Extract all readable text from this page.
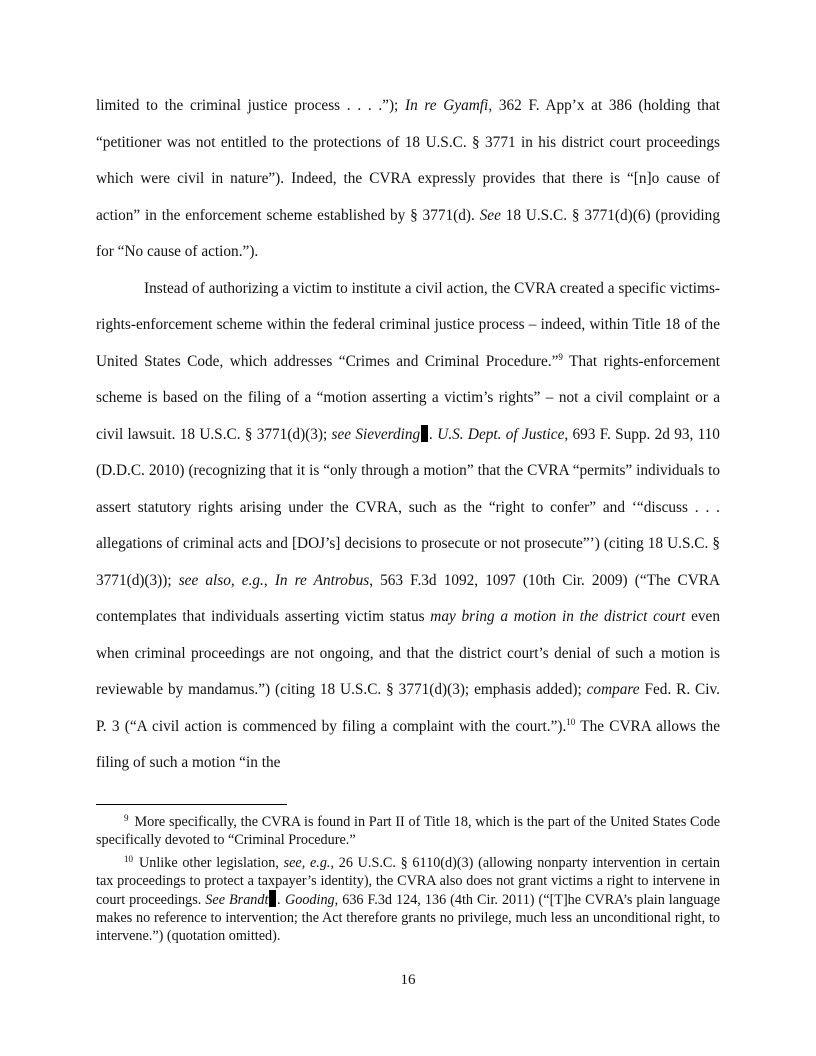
limited to the criminal justice process . . . .”); In re Gyamfi, 362 F. App’x at 386 (holding that “petitioner was not entitled to the protections of 18 U.S.C. § 3771 in his district court proceedings which were civil in nature”). Indeed, the CVRA expressly provides that there is “[n]o cause of action” in the enforcement scheme established by § 3771(d). See 18 U.S.C. § 3771(d)(6) (providing for “No cause of action.”).

Instead of authorizing a victim to institute a civil action, the CVRA created a specific victims-rights-enforcement scheme within the federal criminal justice process – indeed, within Title 18 of the United States Code, which addresses “Crimes and Criminal Procedure.”$^9$ That rights-enforcement scheme is based on the filing of a “motion asserting a victim’s rights” – not a civil complaint or a civil lawsuit. 18 U.S.C. § 3771(d)(3); see Sieverding . U.S. Dept. of Justice, 693 F. Supp. 2d 93, 110 (D.D.C. 2010) (recognizing that it is “only through a motion” that the CVRA “permits” individuals to assert statutory rights arising under the CVRA, such as the “right to confer” and ‘“discuss . . . allegations of criminal acts and [DOJ’s] decisions to prosecute or not prosecute”’) (citing 18 U.S.C. § 3771(d)(3)); see also, e.g., In re Antrobus, 563 F.3d 1092, 1097 (10th Cir. 2009) (“The CVRA contemplates that individuals asserting victim status may bring a motion in the district court even when criminal proceedings are not ongoing, and that the district court’s denial of such a motion is reviewable by mandamus.”) (citing 18 U.S.C. § 3771(d)(3); emphasis added); compare Fed. R. Civ. P. 3 (“A civil action is commenced by filing a complaint with the court.”).$^{10}$ The CVRA allows the filing of such a motion “in the

$^9$ More specifically, the CVRA is found in Part II of Title 18, which is the part of the United States Code specifically devoted to “Criminal Procedure.”

$^{10}$ Unlike other legislation, see, e.g., 26 U.S.C. § 6110(d)(3) (allowing nonparty intervention in certain tax proceedings to protect a taxpayer’s identity), the CVRA also does not grant victims a right to intervene in court proceedings. See Brandt . Gooding, 636 F.3d 124, 136 (4th Cir. 2011) (“[T]he CVRA’s plain language makes no reference to intervention; the Act therefore grants no privilege, much less an unconditional right, to intervene.”) (quotation omitted).

16
